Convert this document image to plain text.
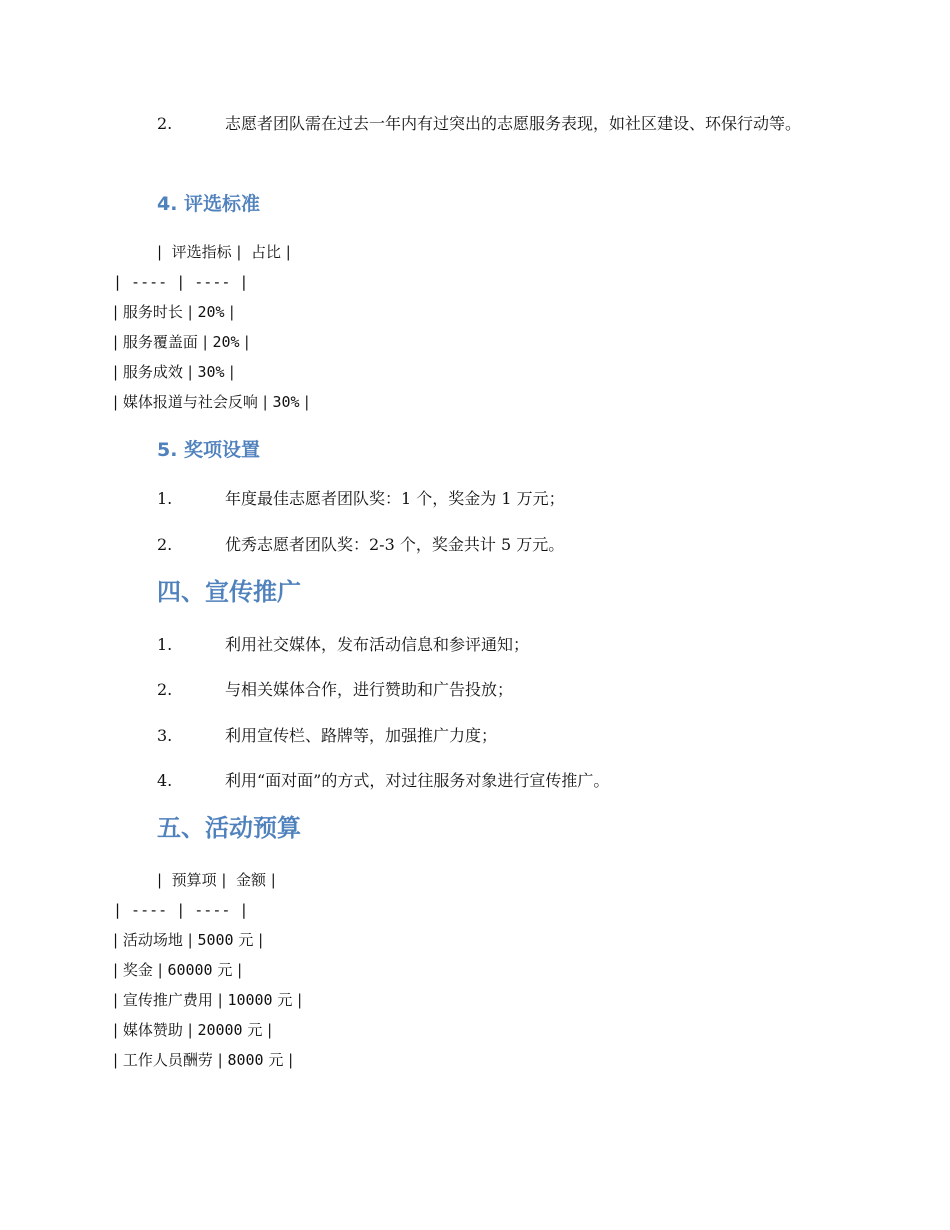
2.	志愿者团队需在过去一年内有过突出的志愿服务表现，如社区建设、环保行动等。

4. 评选标准
|  评选指标 |  占比 |
| ---- | ---- |
| 服务时长 | 20% |
| 服务覆盖面 | 20% |
| 服务成效 | 30% |
| 媒体报道与社会反响 | 30% |
5. 奖项设置
1.	年度最佳志愿者团队奖：1 个，奖金为 1 万元；
2.	优秀志愿者团队奖：2-3 个，奖金共计 5 万元。
四、宣传推广
1.	利用社交媒体，发布活动信息和参评通知；
2.	与相关媒体合作，进行赞助和广告投放；
3.	利用宣传栏、路牌等，加强推广力度；
4.	利用“面对面”的方式，对过往服务对象进行宣传推广。
五、活动预算
|  预算项 |  金额 |
| ---- | ---- |
| 活动场地 | 5000 元 |
| 奖金 | 60000 元 |
| 宣传推广费用 | 10000 元 |
| 媒体赞助 | 20000 元 |
| 工作人员酬劳 | 8000 元 |
